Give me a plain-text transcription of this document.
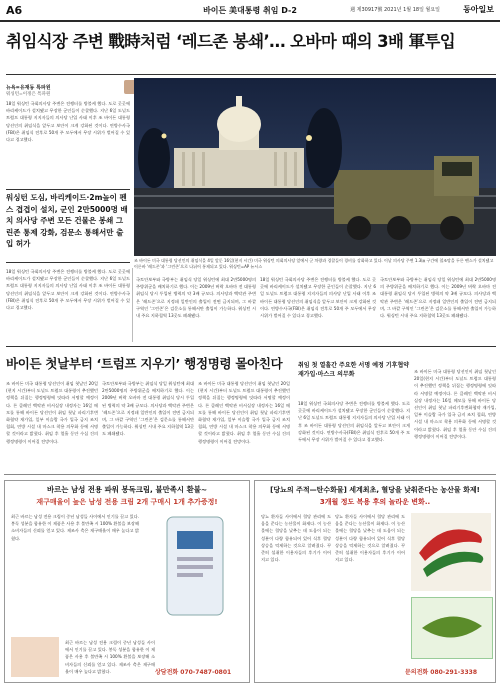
A6	바이든 美대통령 취임 D-2	週 제30917號 2021년 1월 18일 월요일	동아일보
취임식장 주변 戰時처럼 ‘레드존 봉쇄’… 오바마 때의 3배 軍투입
뉴욕=유재동 특파원
워싱턴=이정은 특파원
18일 워싱턴 국회의사당 주변은 전쟁터를 방불케 했다. 도로 곳곳에 바리케이드가 설치됐고 무장한 군인들이 순찰했다. 지난 6일 도널드 트럼프 대통령 지지자들의 의사당 난입 사태 이후 조 바이든 대통령 당선인의 취임식을 앞두고 보안이 크게 강화된 것이다. 연방수사국(FBI)은 취임식 전후로 50개 주 모두에서 무장 시위가 벌어질 수 있다고 경고했다.
워싱턴 도심, 바리케이드·2m높이 펜스 겹겹이 설치, 군인 2만5000명 배치 의사당 주변 모든 건물은 봉쇄 그린존 통제 강화, 검문소 통해서만 출입 허가
조 바이든 미국 대통령 당선인의 취임식을 4일 앞둔 16일(현지 시간) 미국 워싱턴 의회의사당 앞에서 군 차량과 경찰들이 경비를 강화하고 있다. 이날 의사당 주변 1.3㎞ 구간에 철조망을 두른 펜스가 설치됐고 이른바 ‘레드존’과 ‘그린존’으로 나뉘어 통제되고 있다. 워싱턴=AP 뉴시스
18일 워싱턴 국회의사당 주변은 전쟁터를 방불케 했다. 도로 곳곳에 바리케이드가 설치됐고 무장한 군인들이 순찰했다. 지난 6일 도널드 트럼프 대통령 지지자들의 의사당 난입 사태 이후 조 바이든 대통령 당선인의 취임식을 앞두고 보안이 크게 강화된 것이다. 연방수사국(FBI)은 취임식 전후로 50개 주 모두에서 무장 시위가 벌어질 수 있다고 경고했다.
국토안보부와 국방부는 취임식 당일 워싱턴에 최대 2만5000명의 주방위군을 배치하기로 했다. 이는 2009년 버락 오바마 전 대통령 취임식 당시 투입된 병력의 약 3배 규모다. 의사당과 백악관 주변은 ‘레드존’으로 지정돼 일반인의 출입이 전면 금지되며, 그 바깥 구역인 ‘그린존’은 검문소를 통해서만 출입이 가능하다. 워싱턴 시내 주요 지하철역 13곳도 폐쇄됐다.
18일 워싱턴 국회의사당 주변은 전쟁터를 방불케 했다. 도로 곳곳에 바리케이드가 설치됐고 무장한 군인들이 순찰했다. 지난 6일 도널드 트럼프 대통령 지지자들의 의사당 난입 사태 이후 조 바이든 대통령 당선인의 취임식을 앞두고 보안이 크게 강화된 것이다. 연방수사국(FBI)은 취임식 전후로 50개 주 모두에서 무장 시위가 벌어질 수 있다고 경고했다.
국토안보부와 국방부는 취임식 당일 워싱턴에 최대 2만5000명의 주방위군을 배치하기로 했다. 이는 2009년 버락 오바마 전 대통령 취임식 당시 투입된 병력의 약 3배 규모다. 의사당과 백악관 주변은 ‘레드존’으로 지정돼 일반인의 출입이 전면 금지되며, 그 바깥 구역인 ‘그린존’은 검문소를 통해서만 출입이 가능하다. 워싱턴 시내 주요 지하철역 13곳도 폐쇄됐다.
바이든 첫날부터 ‘트럼프 지우기’ 행정명령 몰아친다
조 바이든 미국 대통령 당선인이 취임 첫날인 20일(현지 시간)부터 도널드 트럼프 대통령이 추진했던 정책을 뒤집는 행정명령에 잇따라 서명할 예정이다. 론 클레인 백악관 비서실장 내정자는 16일 메모를 통해 바이든 당선인이 취임 첫날 파리기후변화협약 재가입, 일부 이슬람 국가 입국 금지 조치 철회, 연방 시설 내 마스크 착용 의무화 등에 서명할 것이라고 밝혔다. 취임 후 열흘 동안 수십 건의 행정명령이 이어질 전망이다.
국토안보부와 국방부는 취임식 당일 워싱턴에 최대 2만5000명의 주방위군을 배치하기로 했다. 이는 2009년 버락 오바마 전 대통령 취임식 당시 투입된 병력의 약 3배 규모다. 의사당과 백악관 주변은 ‘레드존’으로 지정돼 일반인의 출입이 전면 금지되며, 그 바깥 구역인 ‘그린존’은 검문소를 통해서만 출입이 가능하다. 워싱턴 시내 주요 지하철역 13곳도 폐쇄됐다.
조 바이든 미국 대통령 당선인이 취임 첫날인 20일(현지 시간)부터 도널드 트럼프 대통령이 추진했던 정책을 뒤집는 행정명령에 잇따라 서명할 예정이다. 론 클레인 백악관 비서실장 내정자는 16일 메모를 통해 바이든 당선인이 취임 첫날 파리기후변화협약 재가입, 일부 이슬람 국가 입국 금지 조치 철회, 연방 시설 내 마스크 착용 의무화 등에 서명할 것이라고 밝혔다. 취임 후 열흘 동안 수십 건의 행정명령이 이어질 전망이다.
취임 첫 열흘간 주요한 서명 예정 기후협약 재가입·마스크 의무화
18일 워싱턴 국회의사당 주변은 전쟁터를 방불케 했다. 도로 곳곳에 바리케이드가 설치됐고 무장한 군인들이 순찰했다. 지난 6일 도널드 트럼프 대통령 지지자들의 의사당 난입 사태 이후 조 바이든 대통령 당선인의 취임식을 앞두고 보안이 크게 강화된 것이다. 연방수사국(FBI)은 취임식 전후로 50개 주 모두에서 무장 시위가 벌어질 수 있다고 경고했다.
조 바이든 미국 대통령 당선인이 취임 첫날인 20일(현지 시간)부터 도널드 트럼프 대통령이 추진했던 정책을 뒤집는 행정명령에 잇따라 서명할 예정이다. 론 클레인 백악관 비서실장 내정자는 16일 메모를 통해 바이든 당선인이 취임 첫날 파리기후변화협약 재가입, 일부 이슬람 국가 입국 금지 조치 철회, 연방 시설 내 마스크 착용 의무화 등에 서명할 것이라고 밝혔다. 취임 후 열흘 동안 수십 건의 행정명령이 이어질 전망이다.
바르는 남성 전용 파워 봉독크림, 불만족시 환불~
재구매율이 높은 남성 전용 크림 2개 구매시 1개 추가증정!
최근 바르는 남성 전용 크림이 중년 남성들 사이에서 인기를 끌고 있다. 봉독 성분을 함유한 이 제품은 사용 후 불만족 시 100% 환불을 보장해 소비자들의 신뢰를 얻고 있다. 제조사 측은 재구매율이 매우 높다고 밝혔다.
최근 바르는 남성 전용 크림이 중년 남성들 사이에서 인기를 끌고 있다. 봉독 성분을 함유한 이 제품은 사용 후 불만족 시 100% 환불을 보장해 소비자들의 신뢰를 얻고 있다. 제조사 측은 재구매율이 매우 높다고 밝혔다.	상담전화 070-7487-0801
[당뇨의 주적—탄수화물] 세계최초, 혈당을 낮춰준다는 농산물 화제!
3개월 정도 복용 후의 놀라운 변화..
당뇨 환자들 사이에서 혈당 관리에 도움을 준다는 농산물이 화제다. 이 농산물에는 혈당을 낮추는 데 도움이 되는 성분이 다량 함유되어 있어 식후 혈당 상승을 억제하는 것으로 알려졌다. 꾸준히 섭취한 이용자들의 후기가 이어지고 있다.
당뇨 환자들 사이에서 혈당 관리에 도움을 준다는 농산물이 화제다. 이 농산물에는 혈당을 낮추는 데 도움이 되는 성분이 다량 함유되어 있어 식후 혈당 상승을 억제하는 것으로 알려졌다. 꾸준히 섭취한 이용자들의 후기가 이어지고 있다.
문의전화 080-291-3338
